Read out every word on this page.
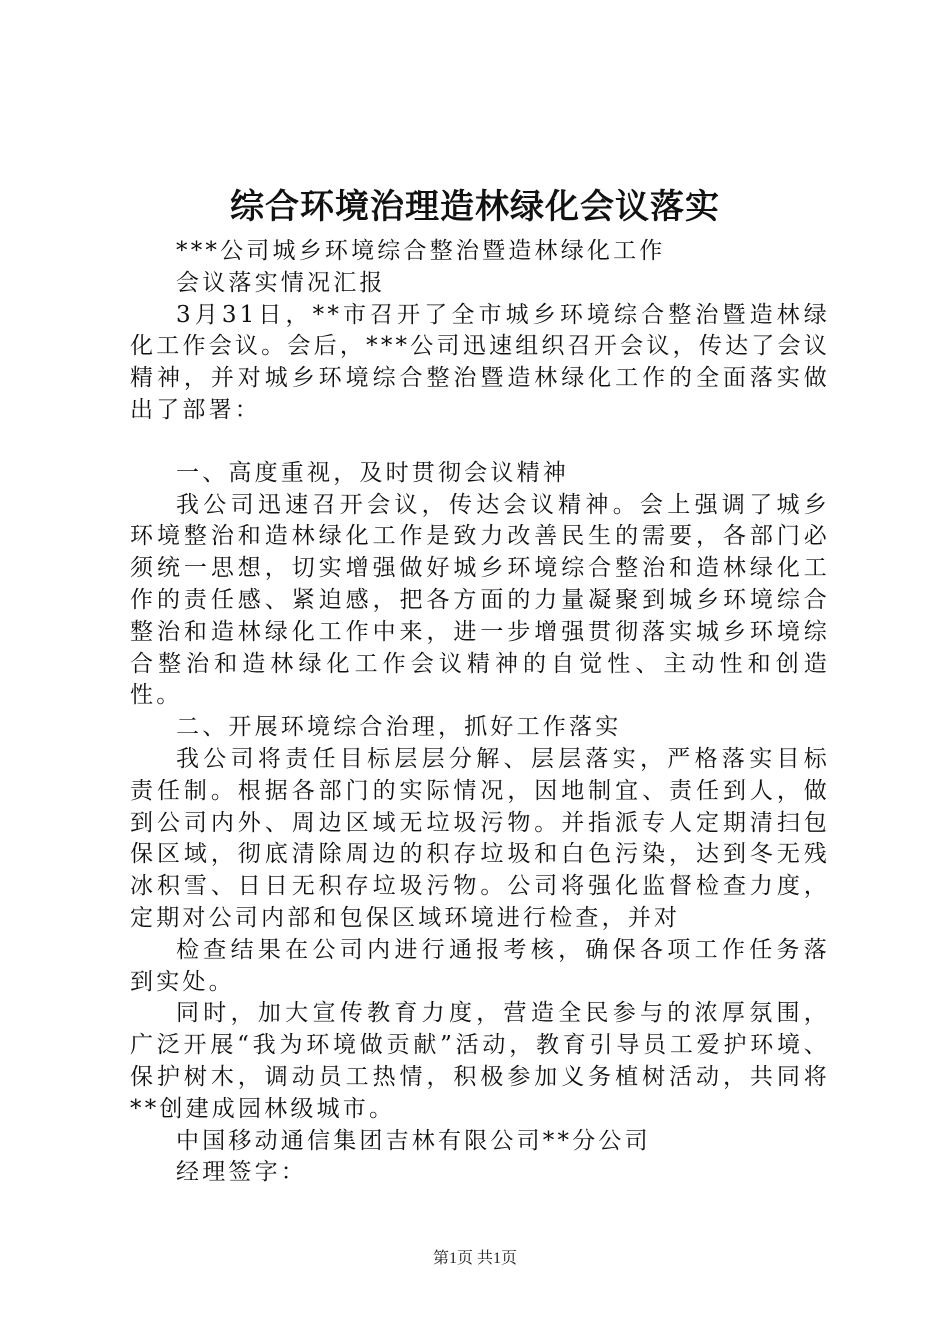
综合环境治理造林绿化会议落实

***公司城乡环境综合整治暨造林绿化工作

会议落实情况汇报

3月31日，**市召开了全市城乡环境综合整治暨造林绿化工作会议。会后，***公司迅速组织召开会议，传达了会议精神，并对城乡环境综合整治暨造林绿化工作的全面落实做出了部署：

一、高度重视，及时贯彻会议精神

我公司迅速召开会议，传达会议精神。会上强调了城乡环境整治和造林绿化工作是致力改善民生的需要，各部门必须统一思想，切实增强做好城乡环境综合整治和造林绿化工作的责任感、紧迫感，把各方面的力量凝聚到城乡环境综合整治和造林绿化工作中来，进一步增强贯彻落实城乡环境综合整治和造林绿化工作会议精神的自觉性、主动性和创造性。

二、开展环境综合治理，抓好工作落实

我公司将责任目标层层分解、层层落实，严格落实目标责任制。根据各部门的实际情况，因地制宜、责任到人，做到公司内外、周边区域无垃圾污物。并指派专人定期清扫包保区域，彻底清除周边的积存垃圾和白色污染，达到冬无残冰积雪、日日无积存垃圾污物。公司将强化监督检查力度，定期对公司内部和包保区域环境进行检查，并对

检查结果在公司内进行通报考核，确保各项工作任务落到实处。

同时，加大宣传教育力度，营造全民参与的浓厚氛围，广泛开展“我为环境做贡献”活动，教育引导员工爱护环境、保护树木，调动员工热情，积极参加义务植树活动，共同将**创建成园林级城市。

中国移动通信集团吉林有限公司**分公司

经理签字：

第1页 共1页
